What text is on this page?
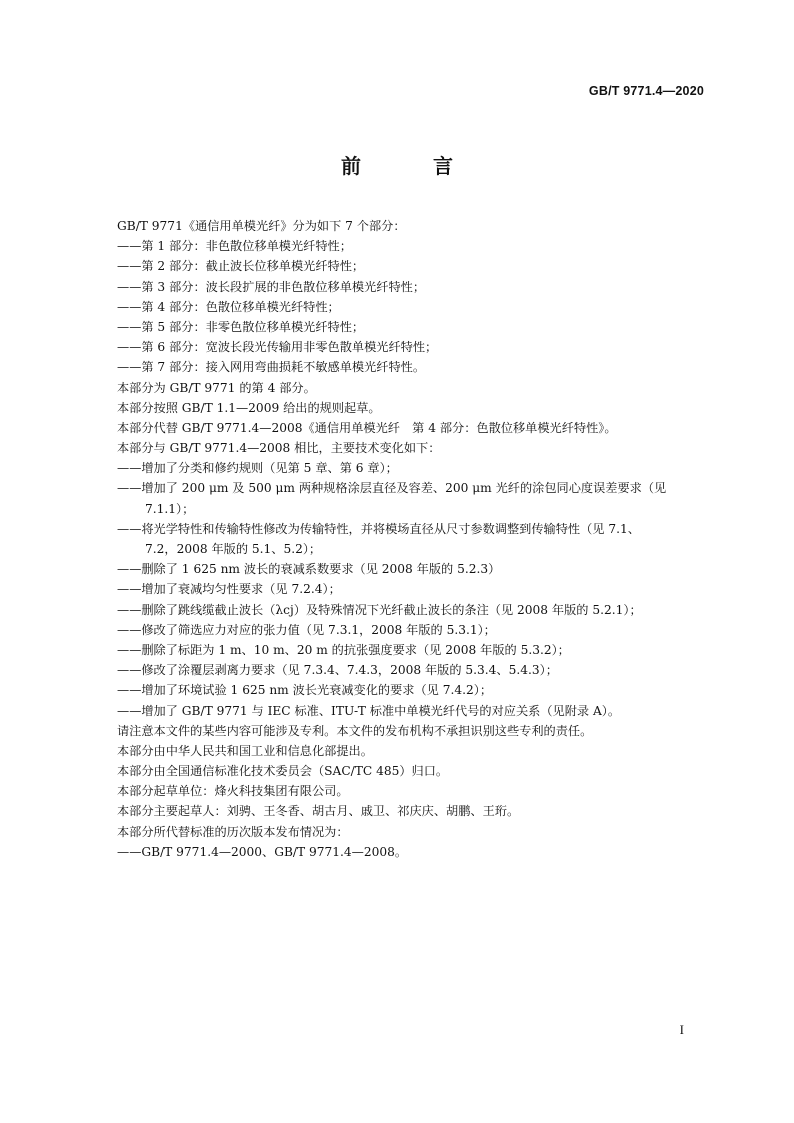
GB/T 9771.4—2020
前　言
GB/T 9771《通信用单模光纤》分为如下 7 个部分：
——第 1 部分：非色散位移单模光纤特性；
——第 2 部分：截止波长位移单模光纤特性；
——第 3 部分：波长段扩展的非色散位移单模光纤特性；
——第 4 部分：色散位移单模光纤特性；
——第 5 部分：非零色散位移单模光纤特性；
——第 6 部分：宽波长段光传输用非零色散单模光纤特性；
——第 7 部分：接入网用弯曲损耗不敏感单模光纤特性。
本部分为 GB/T 9771 的第 4 部分。
本部分按照 GB/T 1.1—2009 给出的规则起草。
本部分代替 GB/T 9771.4—2008《通信用单模光纤　第 4 部分：色散位移单模光纤特性》。
本部分与 GB/T 9771.4—2008 相比，主要技术变化如下：
——增加了分类和修约规则（见第 5 章、第 6 章）；
——增加了 200 μm 及 500 μm 两种规格涂层直径及容差、200 μm 光纤的涂包同心度误差要求（见
7.1.1）；
——将光学特性和传输特性修改为传输特性，并将模场直径从尺寸参数调整到传输特性（见 7.1、
7.2，2008 年版的 5.1、5.2）；
——删除了 1 625 nm 波长的衰减系数要求（见 2008 年版的 5.2.3）
——增加了衰减均匀性要求（见 7.2.4）；
——删除了跳线缆截止波长（λcj）及特殊情况下光纤截止波长的条注（见 2008 年版的 5.2.1）；
——修改了筛选应力对应的张力值（见 7.3.1，2008 年版的 5.3.1）；
——删除了标距为 1 m、10 m、20 m 的抗张强度要求（见 2008 年版的 5.3.2）；
——修改了涂覆层剥离力要求（见 7.3.4、7.4.3，2008 年版的 5.3.4、5.4.3）；
——增加了环境试验 1 625 nm 波长光衰减变化的要求（见 7.4.2）；
——增加了 GB/T 9771 与 IEC 标准、ITU-T 标准中单模光纤代号的对应关系（见附录 A）。
请注意本文件的某些内容可能涉及专利。本文件的发布机构不承担识别这些专利的责任。
本部分由中华人民共和国工业和信息化部提出。
本部分由全国通信标准化技术委员会（SAC/TC 485）归口。
本部分起草单位：烽火科技集团有限公司。
本部分主要起草人：刘骋、王冬香、胡古月、戚卫、祁庆庆、胡鹏、王珩。
本部分所代替标准的历次版本发布情况为：
——GB/T 9771.4—2000、GB/T 9771.4—2008。
I
